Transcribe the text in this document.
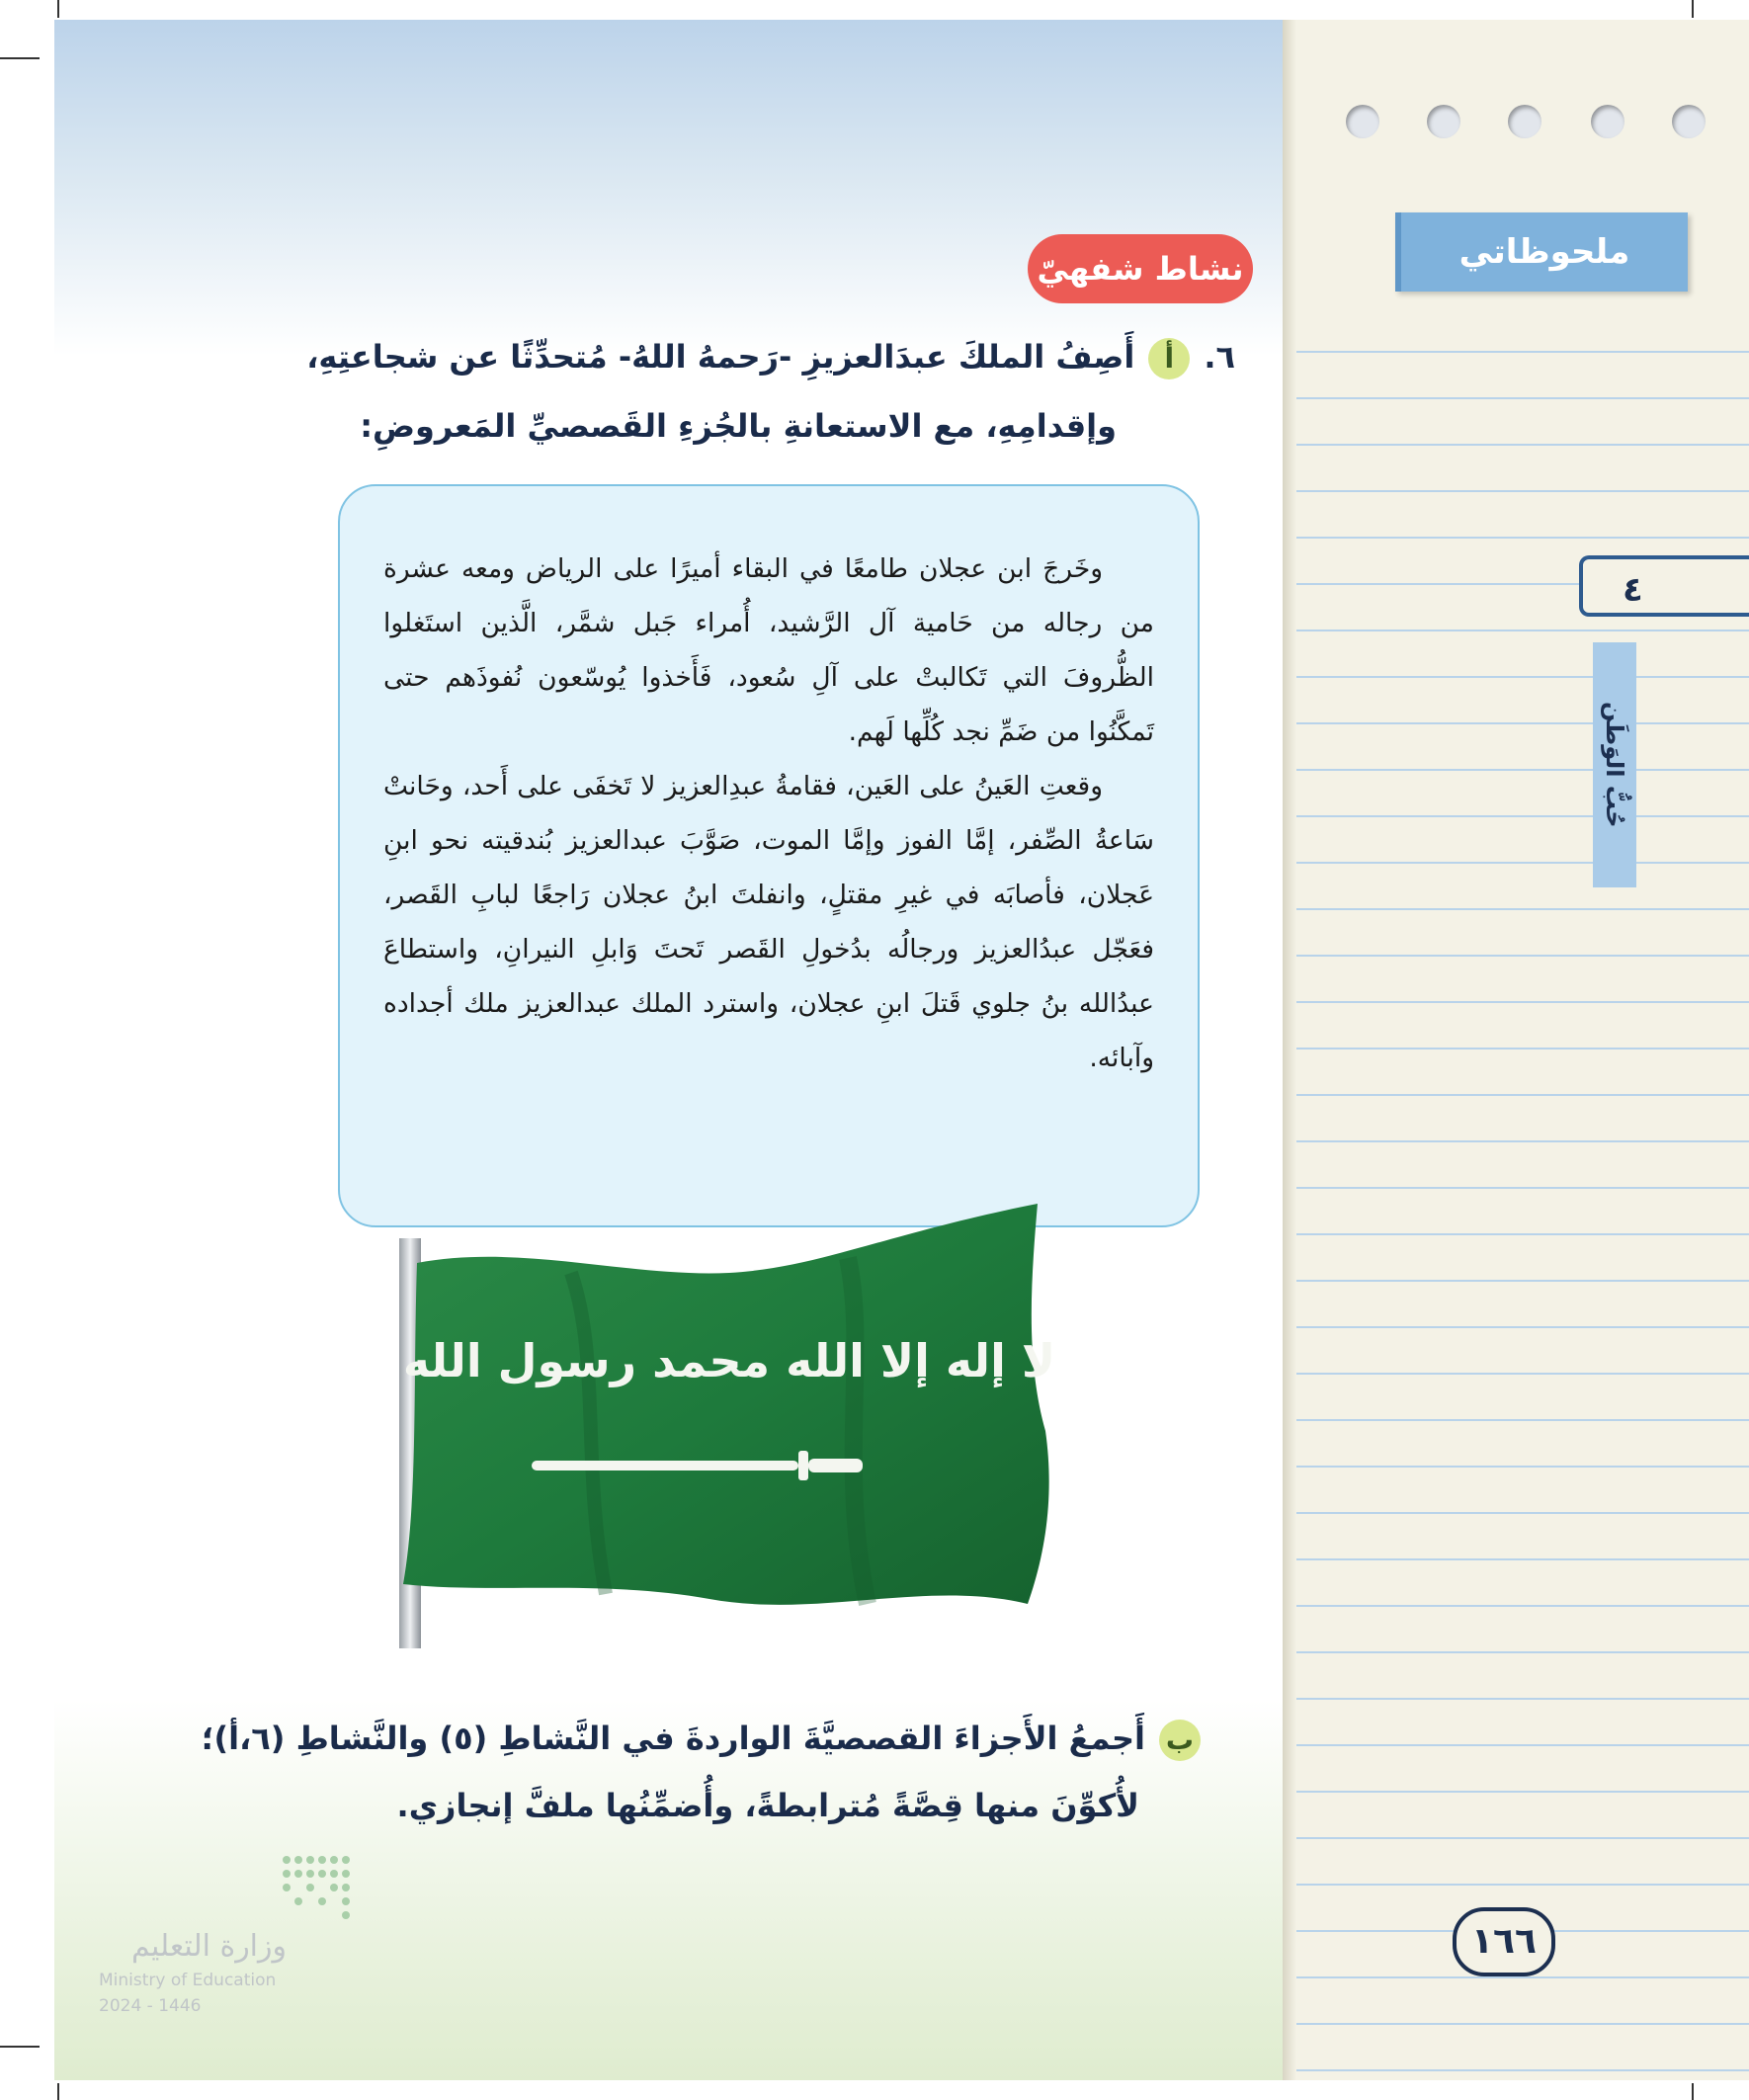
ملحوظاتي
٤
حُبُّ الوَطَن
١٦٦
نشاط شفهيّ
٦.أأَصِفُ الملكَ عبدَالعزيزِ -رَحمهُ اللهُ- مُتحدِّثًا عن شجاعتِهِ،
وإقدامِهِ، مع الاستعانةِ بالجُزءِ القَصصيِّ المَعروضِ:

وخَرجَ ابن عجلان طامعًا في البقاء أميرًا على الرياض ومعه عشرة من رجاله من حَامية آل الرَّشيد، أُمراء جَبل شمَّر، الَّذين استَغلوا الظُّروفَ التي تَكالبتْ على آلِ سُعود، فَأَخذوا يُوسّعون نُفوذَهم حتى تَمكَّنُوا من ضَمِّ نجد كُلِّها لَهم.

وقعتِ العَينُ على العَين، فقامةُ عبدِالعزيز لا تَخفَى على أَحد، وحَانتْ سَاعةُ الصِّفر، إمَّا الفوز وإمَّا الموت، صَوَّبَ عبدالعزيز بُندقيته نحو ابنِ عَجلان، فأصابَه في غيرِ مقتلٍ، وانفلتَ ابنُ عجلان رَاجعًا لبابِ القَصر، فعَجّل عبدُالعزيز ورجالُه بدُخولِ القَصر تَحتَ وَابلِ النيرانِ، واستطاعَ عبدُالله بنُ جلوي قَتلَ ابنِ عجلان، واسترد الملك عبدالعزيز ملك أجداده وآبائه.

لا إله إلا الله محمد رسول الله
بأَجمعُ الأَجزاءَ القصصيَّةَ الواردةَ في النَّشاطِ (٥) والنَّشاطِ (٦،أ)؛
لأُكوِّنَ منها قِصَّةً مُترابطةً، وأُضمِّنُها ملفَّ إنجازي.
وزارة التعليم
Ministry of Education
2024 - 1446
